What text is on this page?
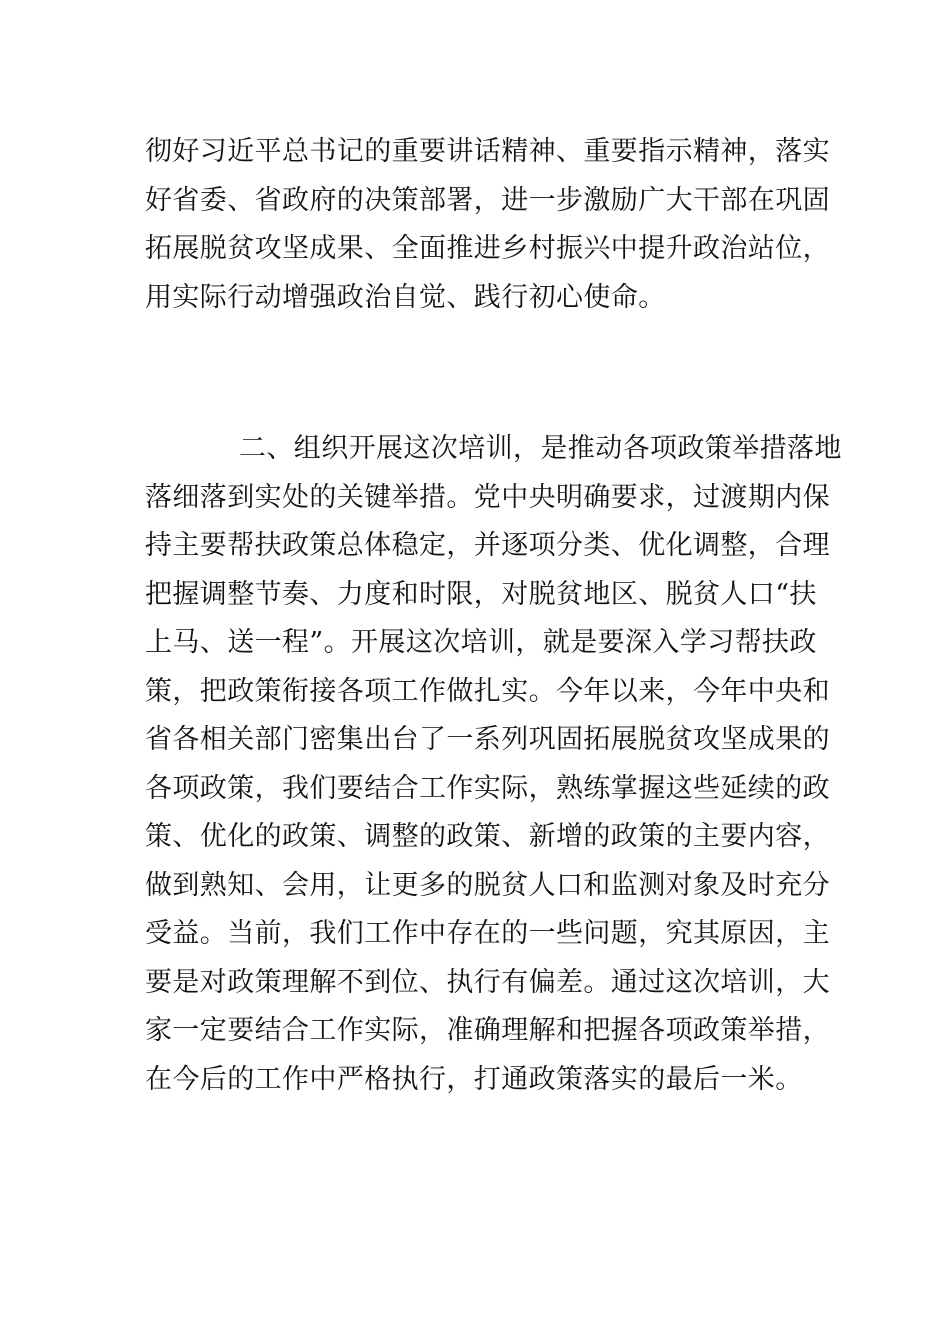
彻好习近平总书记的重要讲话精神、重要指示精神，落实
好省委、省政府的决策部署，进一步激励广大干部在巩固
拓展脱贫攻坚成果、全面推进乡村振兴中提升政治站位，
用实际行动增强政治自觉、践行初心使命。
二、组织开展这次培训，是推动各项政策举措落地
落细落到实处的关键举措。党中央明确要求，过渡期内保
持主要帮扶政策总体稳定，并逐项分类、优化调整，合理
把握调整节奏、力度和时限，对脱贫地区、脱贫人口“扶
上马、送一程”。开展这次培训，就是要深入学习帮扶政
策，把政策衔接各项工作做扎实。今年以来，今年中央和
省各相关部门密集出台了一系列巩固拓展脱贫攻坚成果的
各项政策，我们要结合工作实际，熟练掌握这些延续的政
策、优化的政策、调整的政策、新增的政策的主要内容，
做到熟知、会用，让更多的脱贫人口和监测对象及时充分
受益。当前，我们工作中存在的一些问题，究其原因，主
要是对政策理解不到位、执行有偏差。通过这次培训，大
家一定要结合工作实际，准确理解和把握各项政策举措，
在今后的工作中严格执行，打通政策落实的最后一米。
